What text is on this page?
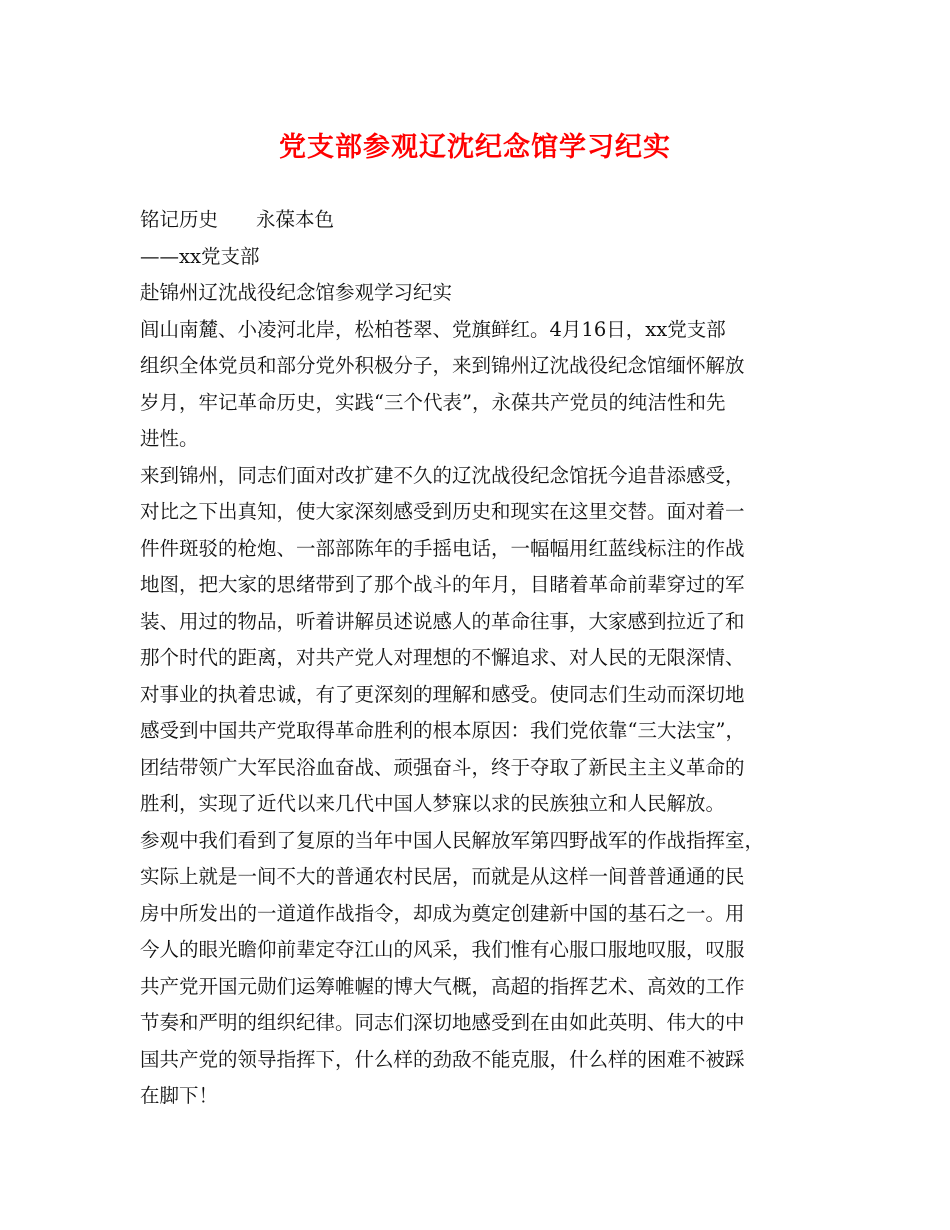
党支部参观辽沈纪念馆学习纪实
铭记历史 永葆本色
——xx党支部
赴锦州辽沈战役纪念馆参观学习纪实
闾山南麓、小凌河北岸，松柏苍翠、党旗鲜红。4月16日，xx党支部
组织全体党员和部分党外积极分子，来到锦州辽沈战役纪念馆缅怀解放
岁月，牢记革命历史，实践“三个代表”，永葆共产党员的纯洁性和先
进性。
来到锦州，同志们面对改扩建不久的辽沈战役纪念馆抚今追昔添感受，
对比之下出真知，使大家深刻感受到历史和现实在这里交替。面对着一
件件斑驳的枪炮、一部部陈年的手摇电话，一幅幅用红蓝线标注的作战
地图，把大家的思绪带到了那个战斗的年月，目睹着革命前辈穿过的军
装、用过的物品，听着讲解员述说感人的革命往事，大家感到拉近了和
那个时代的距离，对共产党人对理想的不懈追求、对人民的无限深情、
对事业的执着忠诚，有了更深刻的理解和感受。使同志们生动而深切地
感受到中国共产党取得革命胜利的根本原因：我们党依靠“三大法宝”，
团结带领广大军民浴血奋战、顽强奋斗，终于夺取了新民主主义革命的
胜利，实现了近代以来几代中国人梦寐以求的民族独立和人民解放。
参观中我们看到了复原的当年中国人民解放军第四野战军的作战指挥室，
实际上就是一间不大的普通农村民居，而就是从这样一间普普通通的民
房中所发出的一道道作战指令，却成为奠定创建新中国的基石之一。用
今人的眼光瞻仰前辈定夺江山的风采，我们惟有心服口服地叹服，叹服
共产党开国元勋们运筹帷幄的博大气概，高超的指挥艺术、高效的工作
节奏和严明的组织纪律。同志们深切地感受到在由如此英明、伟大的中
国共产党的领导指挥下，什么样的劲敌不能克服，什么样的困难不被踩
在脚下！
